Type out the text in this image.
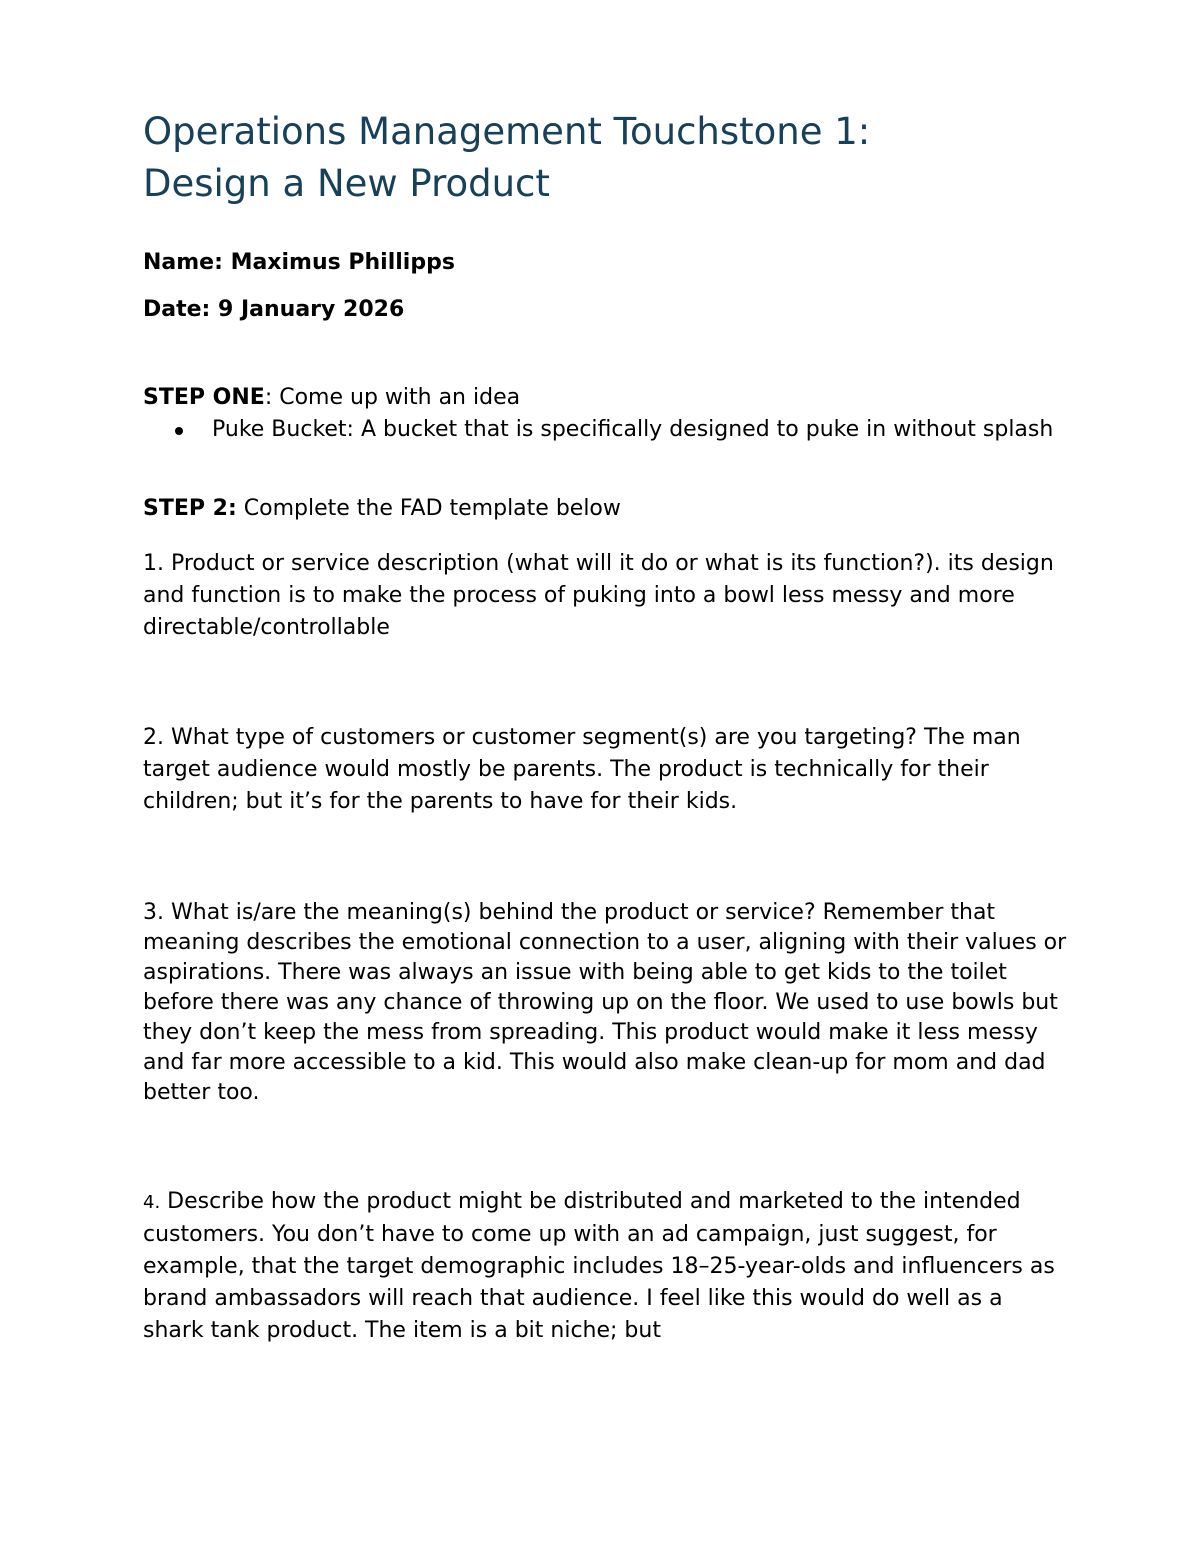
Operations Management Touchstone 1:
Design a New Product

Name: Maximus Phillipps

Date: 9 January 2026

STEP ONE: Come up with an idea

Puke Bucket: A bucket that is specifically designed to puke in without splash

STEP 2: Complete the FAD template below

1. Product or service description (what will it do or what is its function?). its design and function is to make the process of puking into a bowl less messy and more directable/controllable

2. What type of customers or customer segment(s) are you targeting? The man target audience would mostly be parents. The product is technically for their children; but it’s for the parents to have for their kids.

3. What is/are the meaning(s) behind the product or service? Remember that meaning describes the emotional connection to a user, aligning with their values or aspirations. There was always an issue with being able to get kids to the toilet before there was any chance of throwing up on the floor. We used to use bowls but they don’t keep the mess from spreading. This product would make it less messy and far more accessible to a kid. This would also make clean-up for mom and dad better too.

4. Describe how the product might be distributed and marketed to the intended customers. You don’t have to come up with an ad campaign, just suggest, for example, that the target demographic includes 18–25-year-olds and influencers as brand ambassadors will reach that audience. I feel like this would do well as a shark tank product. The item is a bit niche; but
